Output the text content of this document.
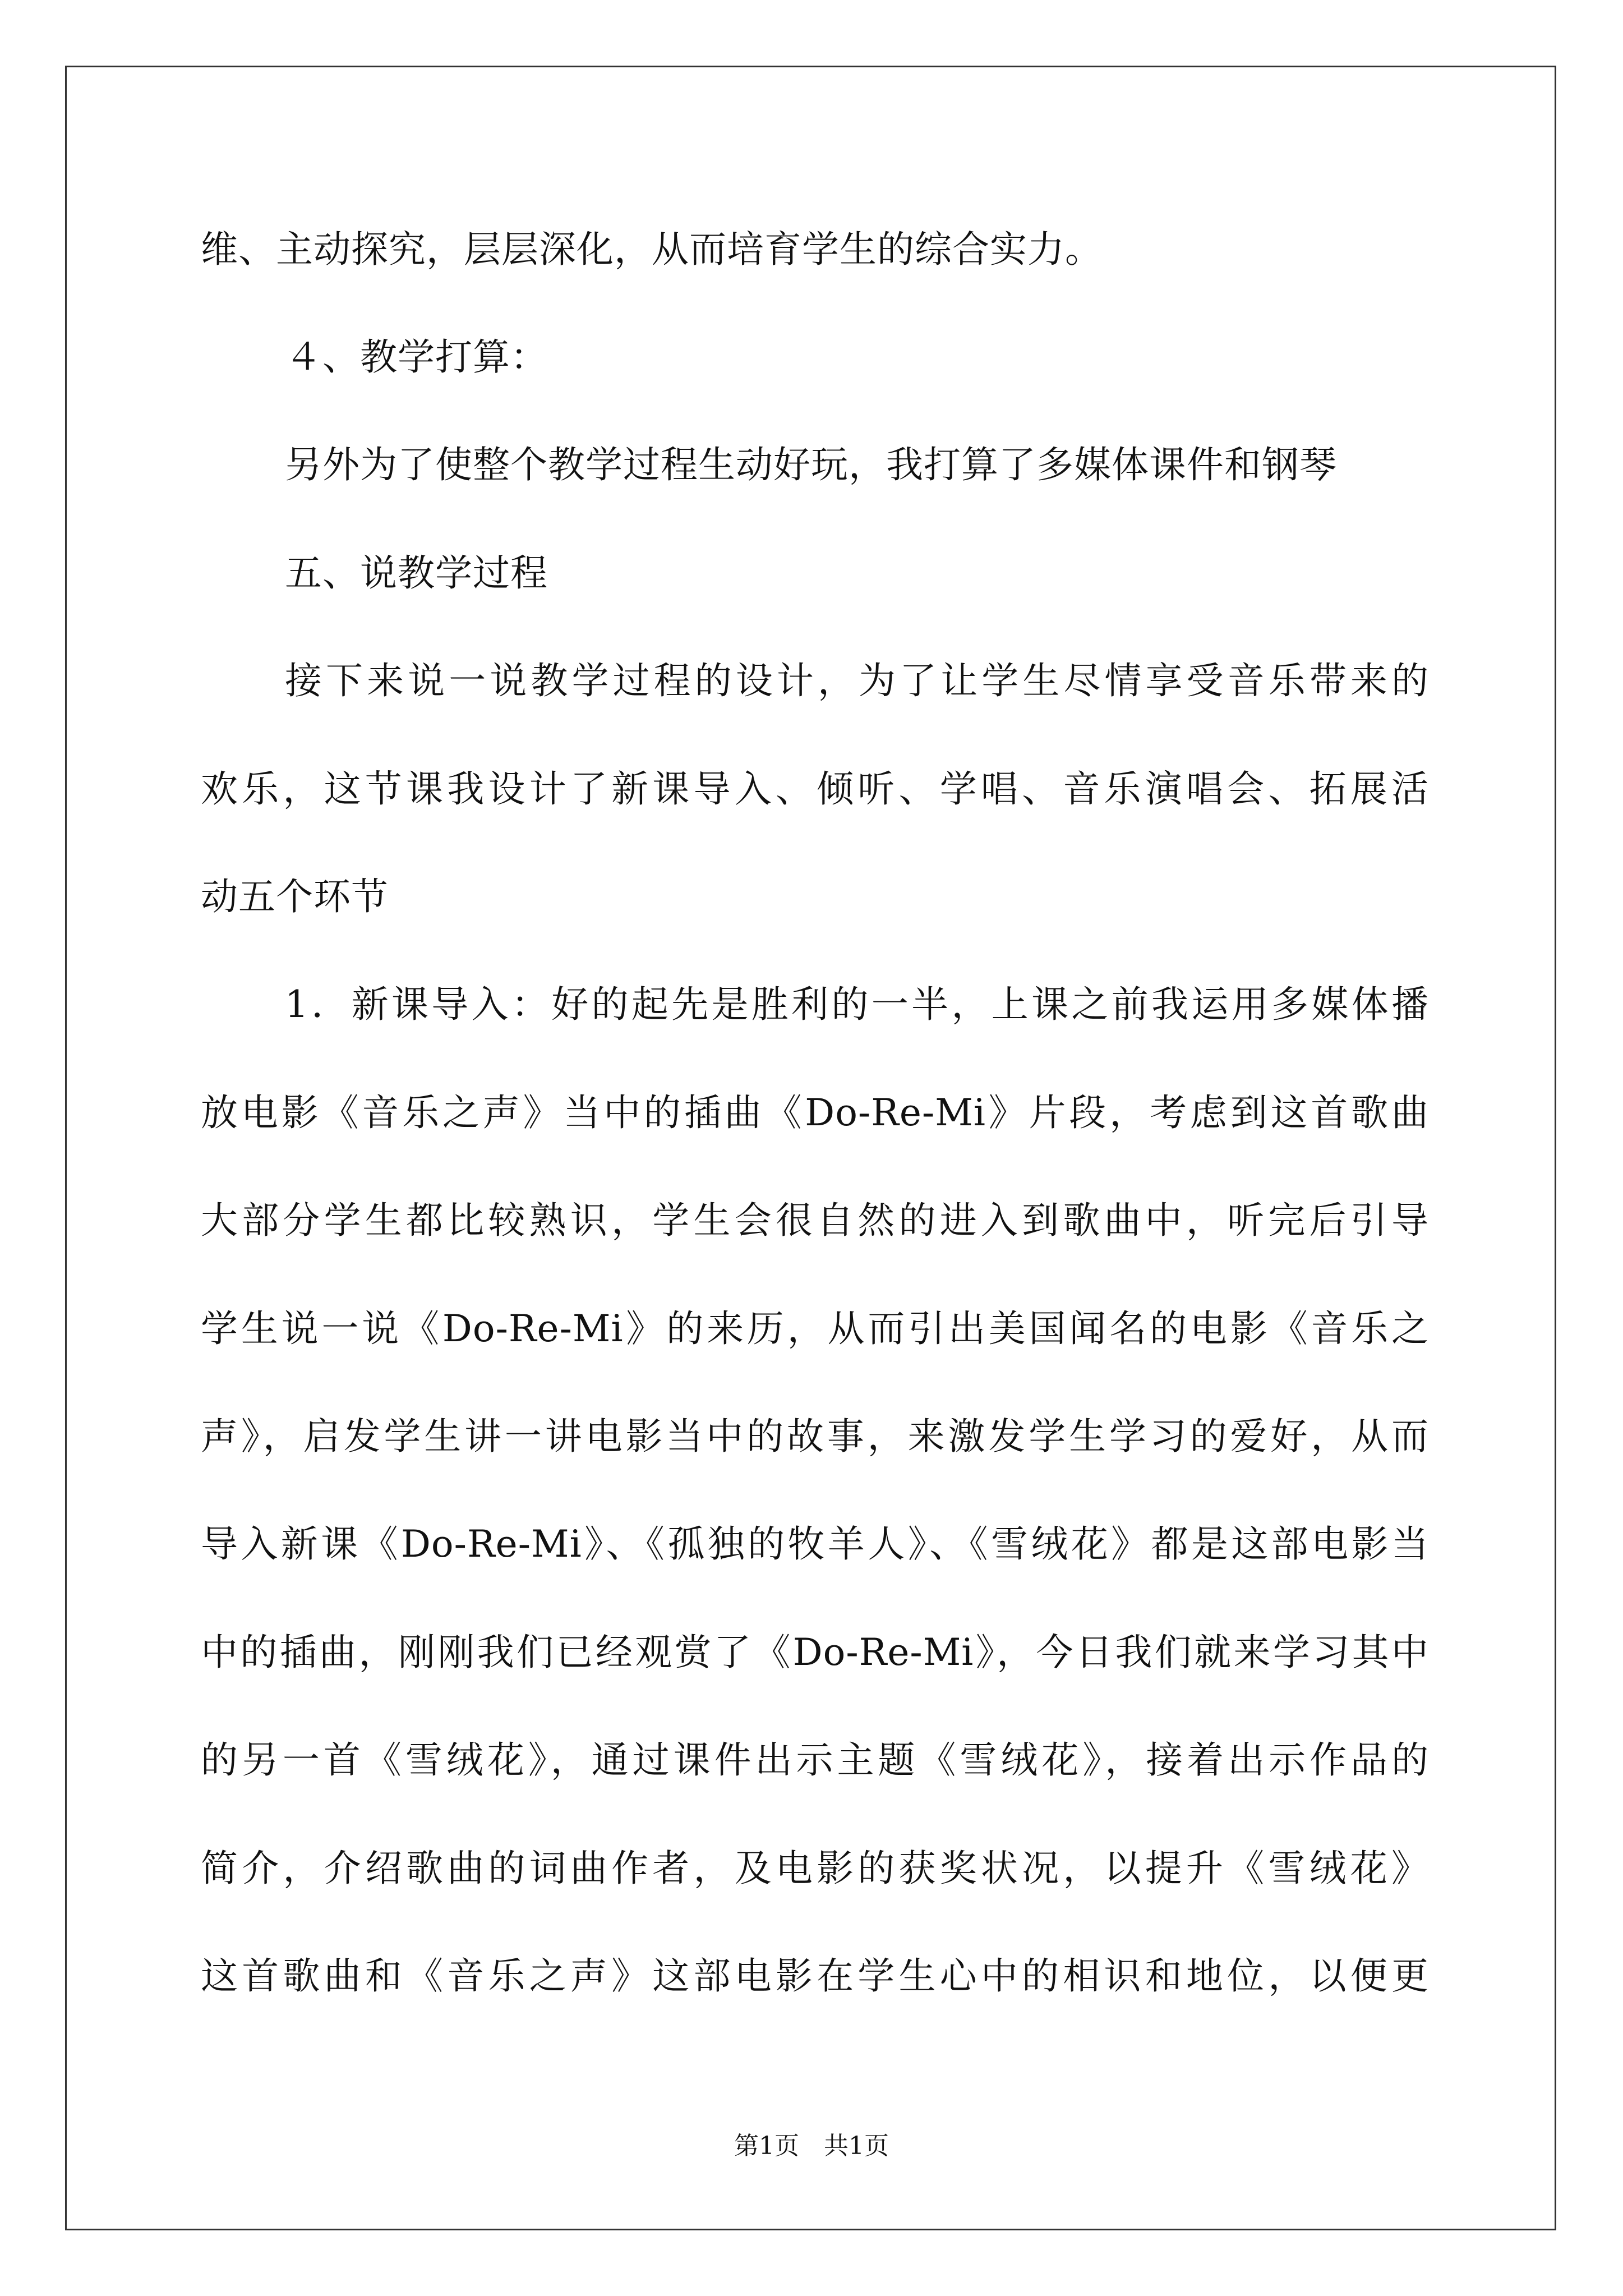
维、主动探究，层层深化，从而培育学生的综合实力。
４、教学打算：
另外为了使整个教学过程生动好玩，我打算了多媒体课件和钢琴
五、说教学过程
接下来说一说教学过程的设计，为了让学生尽情享受音乐带来的
欢乐，这节课我设计了新课导入、倾听、学唱、音乐演唱会、拓展活
动五个环节
1．新课导入：好的起先是胜利的一半，上课之前我运用多媒体播
放电影《音乐之声》当中的插曲《Do-Re-Mi》片段，考虑到这首歌曲
大部分学生都比较熟识，学生会很自然的进入到歌曲中，听完后引导
学生说一说《Do-Re-Mi》的来历，从而引出美国闻名的电影《音乐之
声》，启发学生讲一讲电影当中的故事，来激发学生学习的爱好，从而
导入新课《Do-Re-Mi》、《孤独的牧羊人》、《雪绒花》都是这部电影当
中的插曲，刚刚我们已经观赏了《Do-Re-Mi》，今日我们就来学习其中
的另一首《雪绒花》，通过课件出示主题《雪绒花》，接着出示作品的
简介，介绍歌曲的词曲作者，及电影的获奖状况，以提升《雪绒花》
这首歌曲和《音乐之声》这部电影在学生心中的相识和地位，以便更
第1页　共1页
